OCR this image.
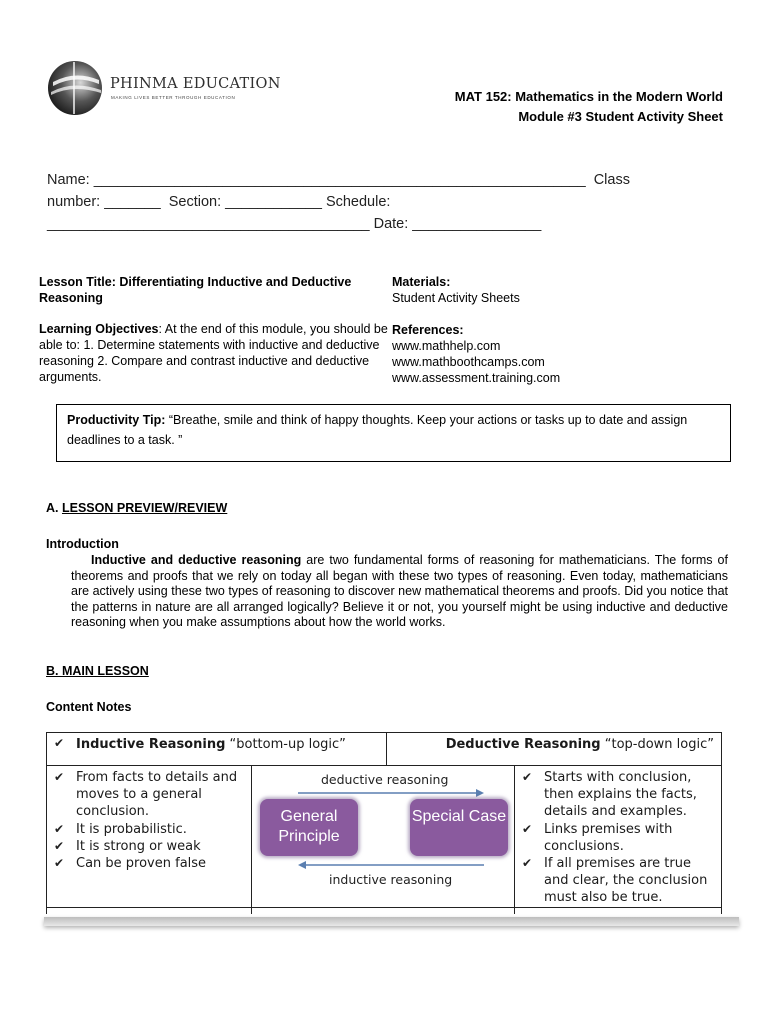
PHINMA EDUCATION
MAKING LIVES BETTER THROUGH EDUCATION	MAT 152: Mathematics in the Modern World
Module #3 Student Activity Sheet
Name: _____________________________________________________________  Class
number: _______  Section: ____________ Schedule:
________________________________________ Date: ________________
Lesson Title: Differentiating Inductive and Deductive Reasoning
Learning Objectives: At the end of this module, you should be able to: 1. Determine statements with inductive and deductive reasoning 2. Compare and contrast inductive and deductive arguments.
Materials:
Student Activity Sheets
References:
www.mathhelp.com
www.mathboothcamps.com
www.assessment.training.com
Productivity Tip: “Breathe, smile and think of happy thoughts. Keep your actions or tasks up to date and assign deadlines to a task. ”
A. LESSON PREVIEW/REVIEW
Introduction
Inductive and deductive reasoning are two fundamental forms of reasoning for mathematicians. The forms of theorems and proofs that we rely on today all began with these two types of reasoning. Even today, mathematicians are actively using these two types of reasoning to discover new mathematical theorems and proofs. Did you notice that the patterns in nature are all arranged logically? Believe it or not, you yourself might be using inductive and deductive reasoning when you make assumptions about how the world works.
B. MAIN LESSON
Content Notes
✔ Inductive Reasoning “bottom-up logic”	Deductive Reasoning “top-down logic”
✔ From facts to details and moves to a general conclusion.
✔ It is probabilistic.
✔ It is strong or weak
✔ Can be proven false
deductive reasoning
General Principle
Special Case
inductive reasoning
✔ Starts with conclusion, then explains the facts, details and examples.
✔ Links premises with conclusions.
✔ If all premises are true and clear, the conclusion must also be true.
